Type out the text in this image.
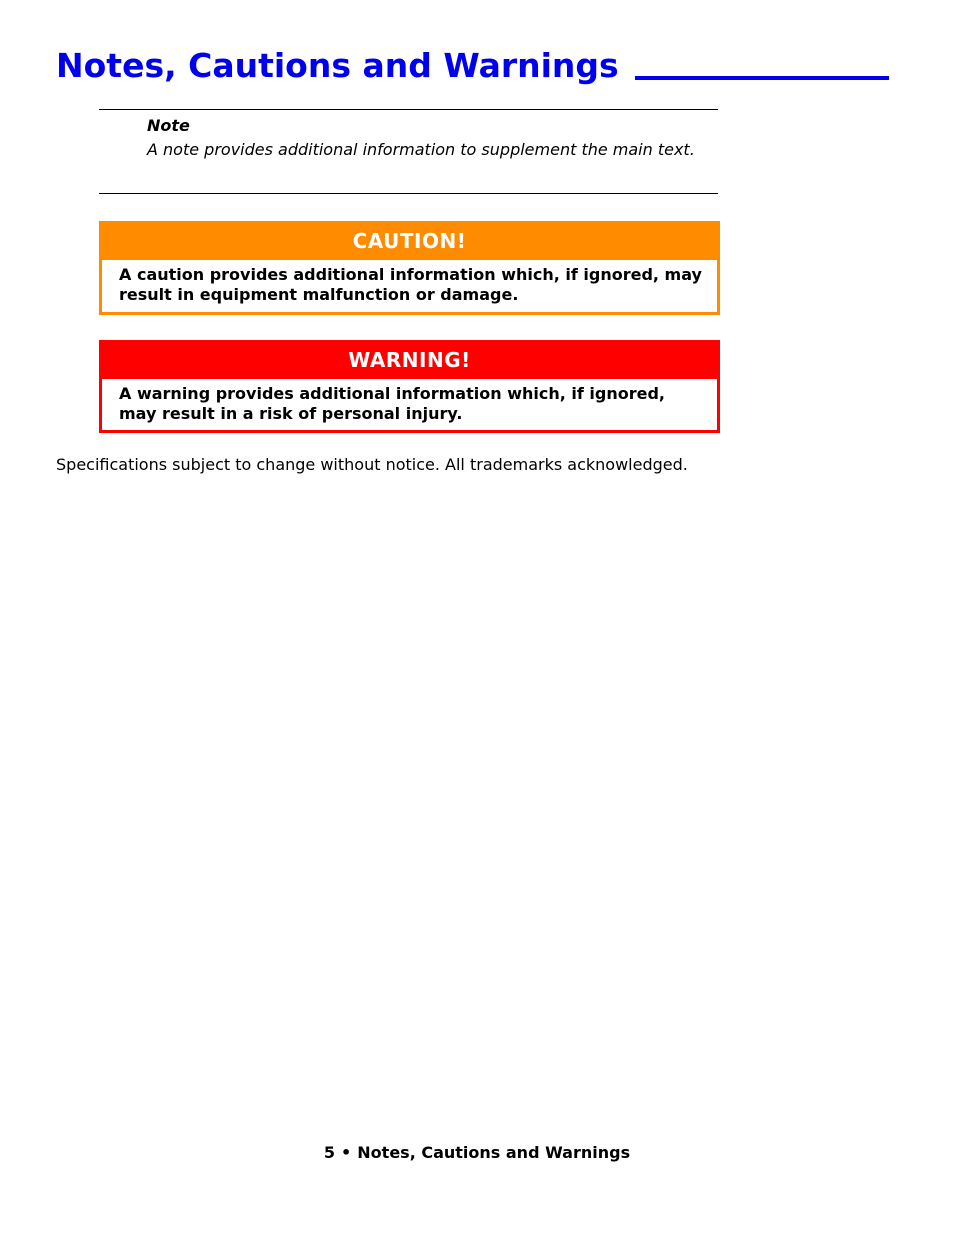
Notes, Cautions and Warnings
Note
A note provides additional information to supplement the main text.
CAUTION!
A caution provides additional information which, if ignored, may result in equipment malfunction or damage.
WARNING!
A warning provides additional information which, if ignored, may result in a risk of personal injury.
Specifications subject to change without notice. All trademarks acknowledged.
5 • Notes, Cautions and Warnings
